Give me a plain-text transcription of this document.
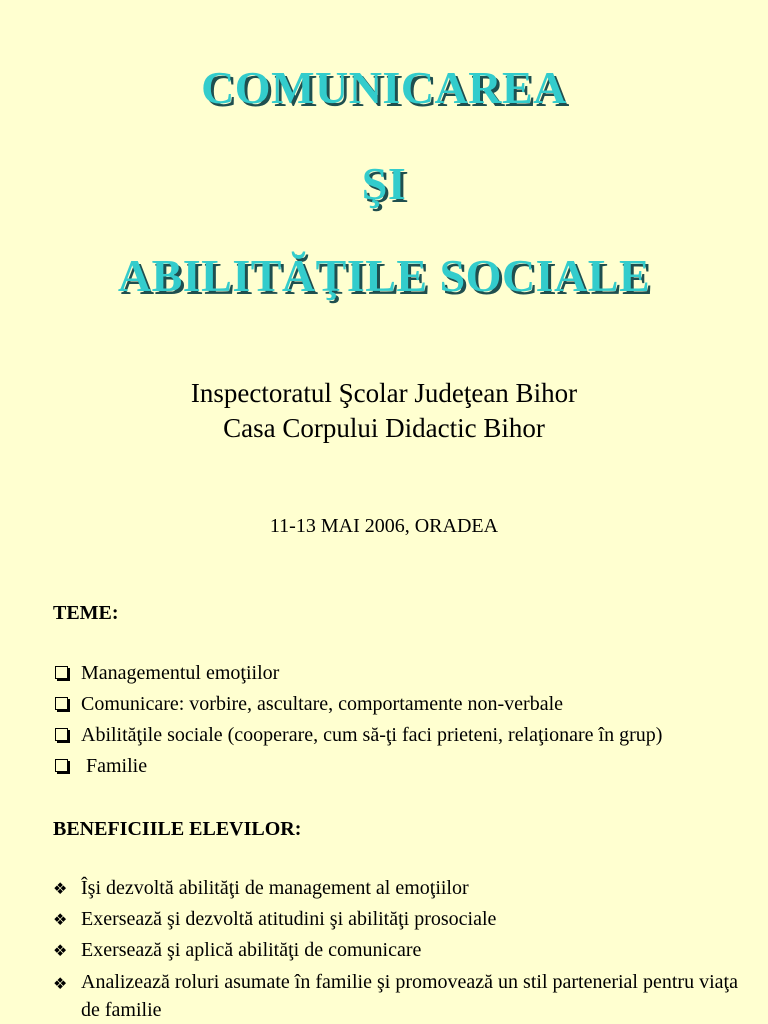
COMUNICAREA
ŞI
ABILITĂŢILE SOCIALE
Inspectoratul Şcolar Judeţean Bihor
Casa Corpului Didactic Bihor
11-13 MAI 2006, ORADEA
TEME:
Managementul emoţiilor
Comunicare: vorbire, ascultare, comportamente non-verbale
Abilităţile sociale (cooperare, cum să-ţi faci prieteni, relaţionare în grup)
Familie
BENEFICIILE ELEVILOR:
❖ Îşi dezvoltă abilităţi de management al emoţiilor
❖ Exersează şi dezvoltă atitudini şi abilităţi prosociale
❖ Exersează şi aplică abilităţi de comunicare
❖ Analizează roluri asumate în familie şi promovează un stil partenerial pentru viaţa de familie
